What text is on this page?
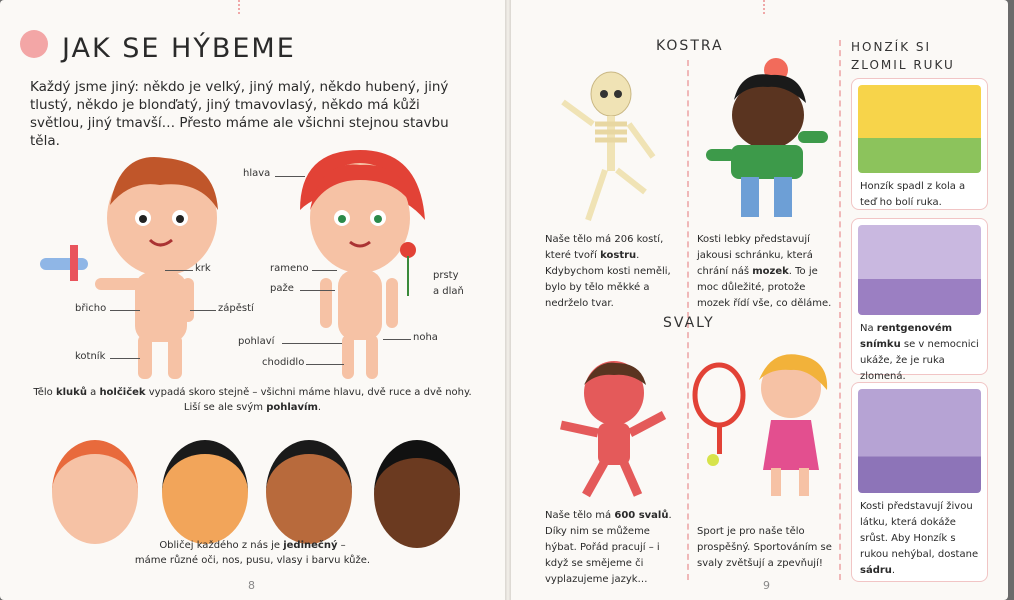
JAK SE HÝBEME
Každý jsme jiný: někdo je velký, jiný malý, někdo hubený, jiný tlustý, někdo je blonďatý, jiný tmavovlasý, někdo má kůži světlou, jiný tmavší… Přesto máme ale všichni stejnou stavbu těla.
hlava
krk	rameno
paže
prsty
a dlaň
zápěstí
břicho
pohlaví	noha
kotník
chodidlo
Tělo kluků a holčiček vypadá skoro stejně – všichni máme hlavu, dvě ruce a dvě nohy.
Liší se ale svým pohlavím.
Obličej každého z nás je jedinečný –
máme různé oči, nos, pusu, vlasy i barvu kůže.
8
KOSTRA
Naše tělo má 206 kostí, které tvoří kostru. Kdybychom kosti neměli, bylo by tělo měkké a nedrželo tvar.
Kosti lebky představují jakousi schránku, která chrání náš mozek. To je moc důležité, protože mozek řídí vše, co děláme.
SVALY
Naše tělo má 600 svalů. Díky nim se můžeme hýbat. Pořád pracují – i když se smějeme či vyplazujeme jazyk…
Sport je pro naše tělo prospěšný. Sportováním se svaly zvětšují a zpevňují!
HONZÍK SI
ZLOMIL RUKU
Honzík spadl z kola a teď ho bolí ruka.
Na rentgenovém snímku se v nemocnici ukáže, že je ruka zlomená.
Kosti představují živou látku, která dokáže srůst. Aby Honzík s rukou nehýbal, dostane sádru.
9
